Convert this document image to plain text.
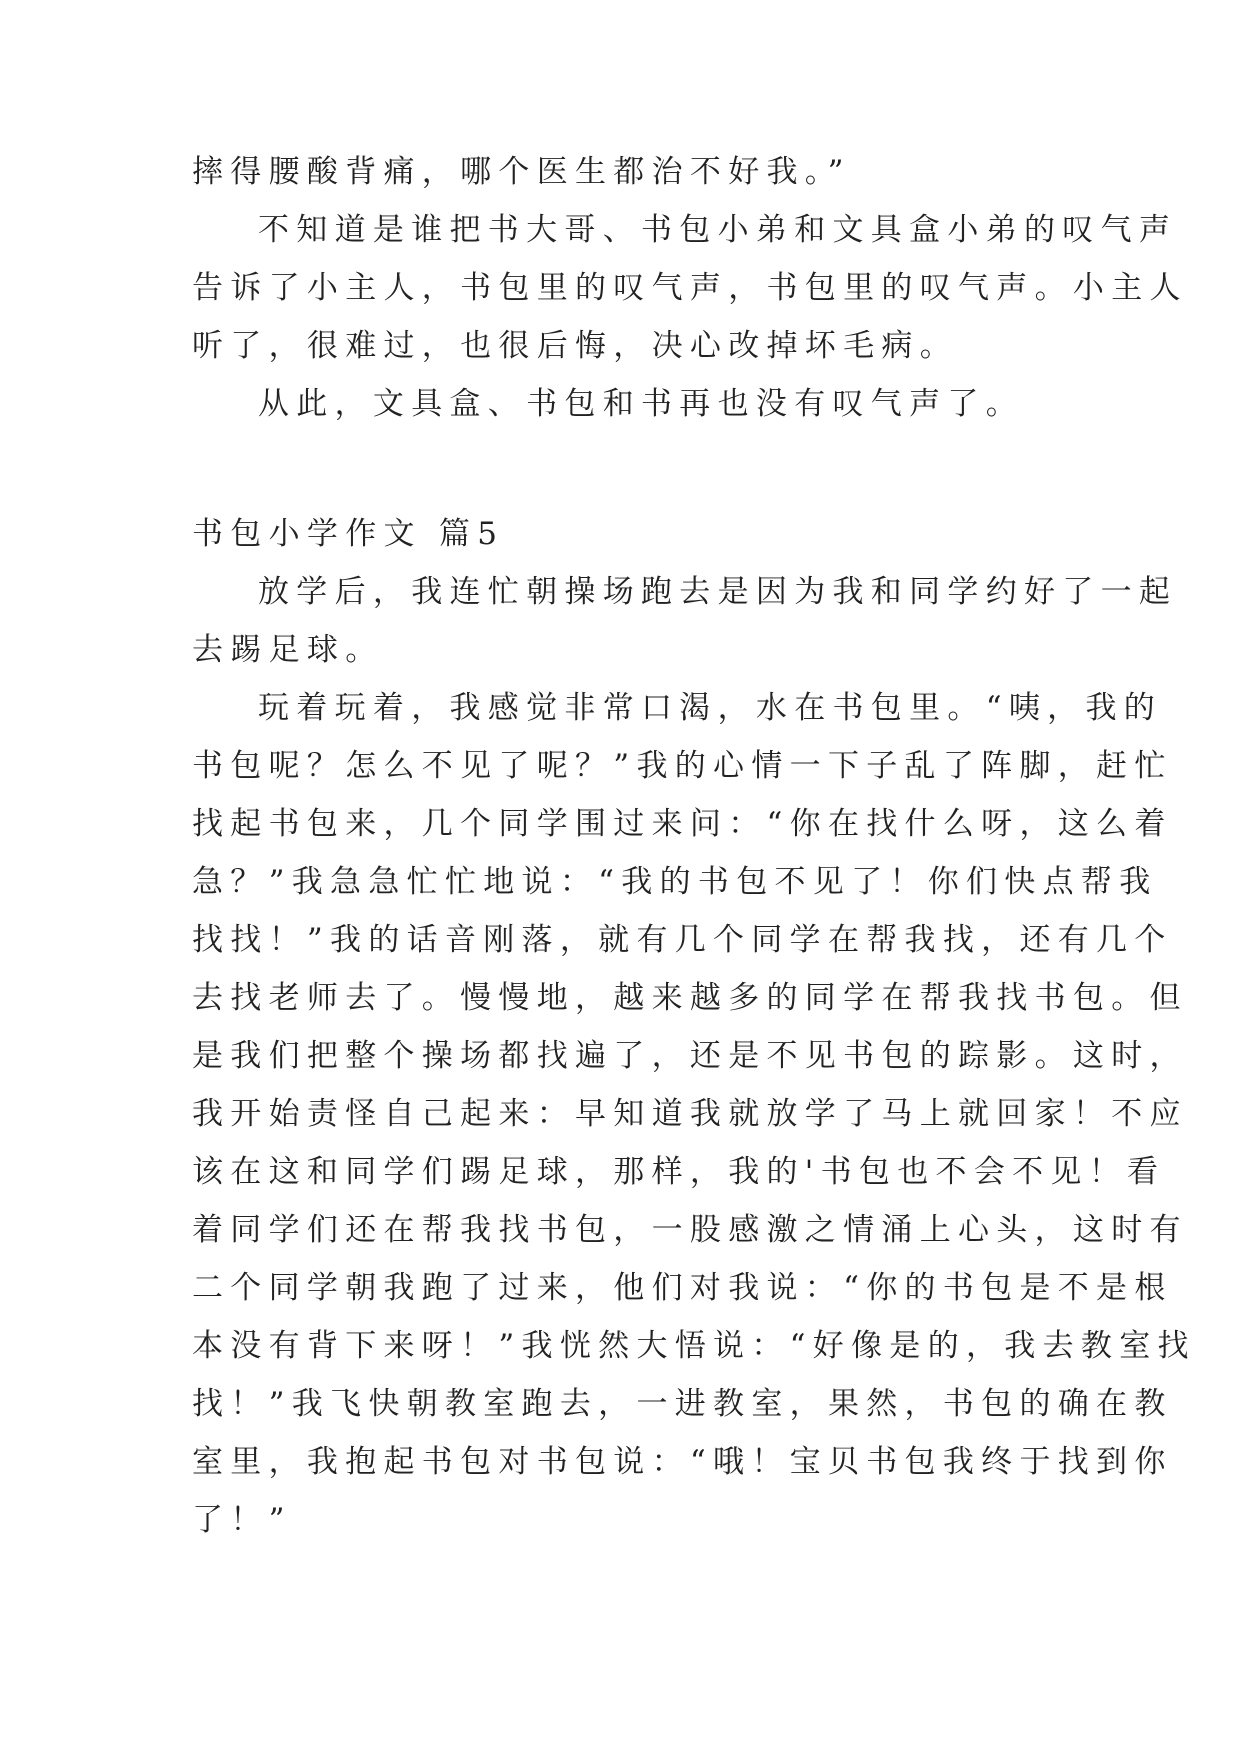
摔得腰酸背痛，哪个医生都治不好我。”
不知道是谁把书大哥、书包小弟和文具盒小弟的叹气声
告诉了小主人，书包里的叹气声，书包里的叹气声。小主人
听了，很难过，也很后悔，决心改掉坏毛病。
从此，文具盒、书包和书再也没有叹气声了。
书包小学作文 篇5
放学后，我连忙朝操场跑去是因为我和同学约好了一起
去踢足球。
玩着玩着，我感觉非常口渴，水在书包里。“咦，我的
书包呢？怎么不见了呢？”我的心情一下子乱了阵脚，赶忙
找起书包来，几个同学围过来问：“你在找什么呀，这么着
急？”我急急忙忙地说：“我的书包不见了！你们快点帮我
找找！”我的话音刚落，就有几个同学在帮我找，还有几个
去找老师去了。慢慢地，越来越多的同学在帮我找书包。但
是我们把整个操场都找遍了，还是不见书包的踪影。这时，
我开始责怪自己起来：早知道我就放学了马上就回家！不应
该在这和同学们踢足球，那样，我的'书包也不会不见！看
着同学们还在帮我找书包，一股感激之情涌上心头，这时有
二个同学朝我跑了过来，他们对我说：“你的书包是不是根
本没有背下来呀！”我恍然大悟说：“好像是的，我去教室找
找！”我飞快朝教室跑去，一进教室，果然，书包的确在教
室里，我抱起书包对书包说：“哦！宝贝书包我终于找到你
了！”
